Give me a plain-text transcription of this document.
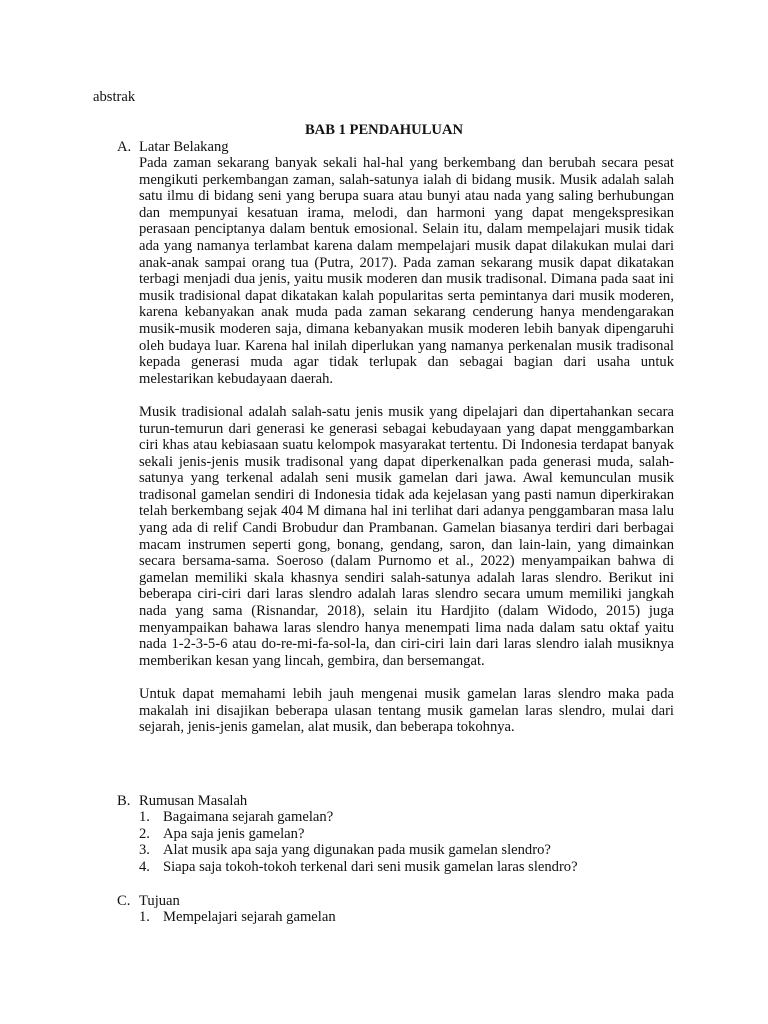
abstrak
BAB 1 PENDAHULUAN
A. Latar Belakang

Pada zaman sekarang banyak sekali hal-hal yang berkembang dan berubah secara pesat mengikuti perkembangan zaman, salah-satunya ialah di bidang musik. Musik adalah salah satu ilmu di bidang seni yang berupa suara atau bunyi atau nada yang saling berhubungan dan mempunyai kesatuan irama, melodi, dan harmoni yang dapat mengekspresikan perasaan penciptanya dalam bentuk emosional. Selain itu, dalam mempelajari musik tidak ada yang namanya terlambat karena dalam mempelajari musik dapat dilakukan mulai dari anak-anak sampai orang tua (Putra, 2017). Pada zaman sekarang musik dapat dikatakan terbagi menjadi dua jenis, yaitu musik moderen dan musik tradisonal. Dimana pada saat ini musik tradisional dapat dikatakan kalah popularitas serta pemintanya dari musik moderen, karena kebanyakan anak muda pada zaman sekarang cenderung hanya mendengarakan musik-musik moderen saja, dimana kebanyakan musik moderen lebih banyak dipengaruhi oleh budaya luar. Karena hal inilah diperlukan yang namanya perkenalan musik tradisonal kepada generasi muda agar tidak terlupak dan sebagai bagian dari usaha untuk melestarikan kebudayaan daerah.

Musik tradisional adalah salah-satu jenis musik yang dipelajari dan dipertahankan secara turun-temurun dari generasi ke generasi sebagai kebudayaan yang dapat menggambarkan ciri khas atau kebiasaan suatu kelompok masyarakat tertentu. Di Indonesia terdapat banyak sekali jenis-jenis musik tradisonal yang dapat diperkenalkan pada generasi muda, salah-satunya yang terkenal adalah seni musik gamelan dari jawa. Awal kemunculan musik tradisonal gamelan sendiri di Indonesia tidak ada kejelasan yang pasti namun diperkirakan telah berkembang sejak 404 M dimana hal ini terlihat dari adanya penggambaran masa lalu yang ada di relif Candi Brobudur dan Prambanan. Gamelan biasanya terdiri dari berbagai macam instrumen seperti gong, bonang, gendang, saron, dan lain-lain, yang dimainkan secara bersama-sama. Soeroso (dalam Purnomo et al., 2022) menyampaikan bahwa di gamelan memiliki skala khasnya sendiri salah-satunya adalah laras slendro. Berikut ini beberapa ciri-ciri dari laras slendro adalah laras slendro secara umum memiliki jangkah nada yang sama (Risnandar, 2018), selain itu Hardjito (dalam Widodo, 2015) juga menyampaikan bahawa laras slendro hanya menempati lima nada dalam satu oktaf yaitu nada 1-2-3-5-6 atau do-re-mi-fa-sol-la, dan ciri-ciri lain dari laras slendro ialah musiknya memberikan kesan yang lincah, gembira, dan bersemangat.

Untuk dapat memahami lebih jauh mengenai musik gamelan laras slendro maka pada makalah ini disajikan beberapa ulasan tentang musik gamelan laras slendro, mulai dari sejarah, jenis-jenis gamelan, alat musik, dan beberapa tokohnya.

B. Rumusan Masalah
1. Bagaimana sejarah gamelan?
2. Apa saja jenis gamelan?
3. Alat musik apa saja yang digunakan pada musik gamelan slendro?
4. Siapa saja tokoh-tokoh terkenal dari seni musik gamelan laras slendro?
C. Tujuan
1. Mempelajari sejarah gamelan
